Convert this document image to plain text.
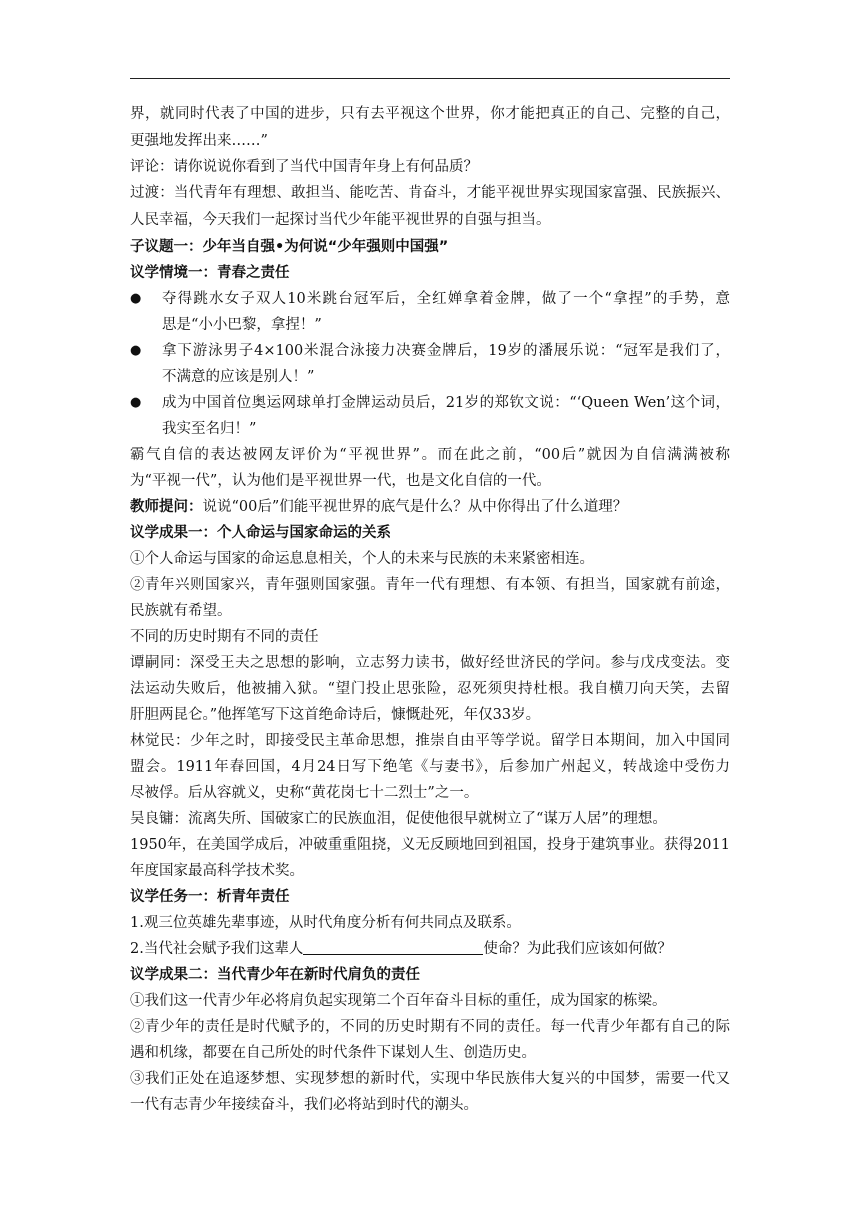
界，就同时代表了中国的进步，只有去平视这个世界，你才能把真正的自己、完整的自己，
更强地发挥出来……”
评论：请你说说你看到了当代中国青年身上有何品质？
过渡：当代青年有理想、敢担当、能吃苦、肯奋斗，才能平视世界实现国家富强、民族振兴、
人民幸福，今天我们一起探讨当代少年能平视世界的自强与担当。
子议题一：少年当自强•为何说“少年强则中国强”
议学情境一：青春之责任
● 夺得跳水女子双人10米跳台冠军后，全红婵拿着金牌，做了一个“拿捏”的手势，意
思是“小小巴黎，拿捏！”
● 拿下游泳男子4×100米混合泳接力决赛金牌后，19岁的潘展乐说：“冠军是我们了，
不满意的应该是别人！”
● 成为中国首位奥运网球单打金牌运动员后，21岁的郑钦文说：“‘Queen Wen’这个词，
我实至名归！”
霸气自信的表达被网友评价为“平视世界”。而在此之前，“00后”就因为自信满满被称
为“平视一代”，认为他们是平视世界一代，也是文化自信的一代。
教师提问：说说“00后”们能平视世界的底气是什么？从中你得出了什么道理？
议学成果一：个人命运与国家命运的关系
①个人命运与国家的命运息息相关，个人的未来与民族的未来紧密相连。
②青年兴则国家兴，青年强则国家强。青年一代有理想、有本领、有担当，国家就有前途，
民族就有希望。
不同的历史时期有不同的责任
谭嗣同：深受王夫之思想的影响，立志努力读书，做好经世济民的学问。参与戊戌变法。变
法运动失败后，他被捕入狱。“望门投止思张险，忍死须臾持杜根。我自横刀向天笑，去留
肝胆两昆仑。”他挥笔写下这首绝命诗后，慷慨赴死，年仅33岁。
林觉民：少年之时，即接受民主革命思想，推崇自由平等学说。留学日本期间，加入中国同
盟会。1911年春回国，4月24日写下绝笔《与妻书》，后参加广州起义，转战途中受伤力
尽被俘。后从容就义，史称“黄花岗七十二烈士”之一。
吴良镛：流离失所、国破家亡的民族血泪，促使他很早就树立了“谋万人居”的理想。
1950年，在美国学成后，冲破重重阻挠，义无反顾地回到祖国，投身于建筑事业。获得2011
年度国家最高科学技术奖。
议学任务一：析青年责任
1.观三位英雄先辈事迹，从时代角度分析有何共同点及联系。
2.当代社会赋予我们这辈人	使命？为此我们应该如何做？
议学成果二：当代青少年在新时代肩负的责任
①我们这一代青少年必将肩负起实现第二个百年奋斗目标的重任，成为国家的栋梁。
②青少年的责任是时代赋予的，不同的历史时期有不同的责任。每一代青少年都有自己的际
遇和机缘，都要在自己所处的时代条件下谋划人生、创造历史。
③我们正处在追逐梦想、实现梦想的新时代，实现中华民族伟大复兴的中国梦，需要一代又
一代有志青少年接续奋斗，我们必将站到时代的潮头。
